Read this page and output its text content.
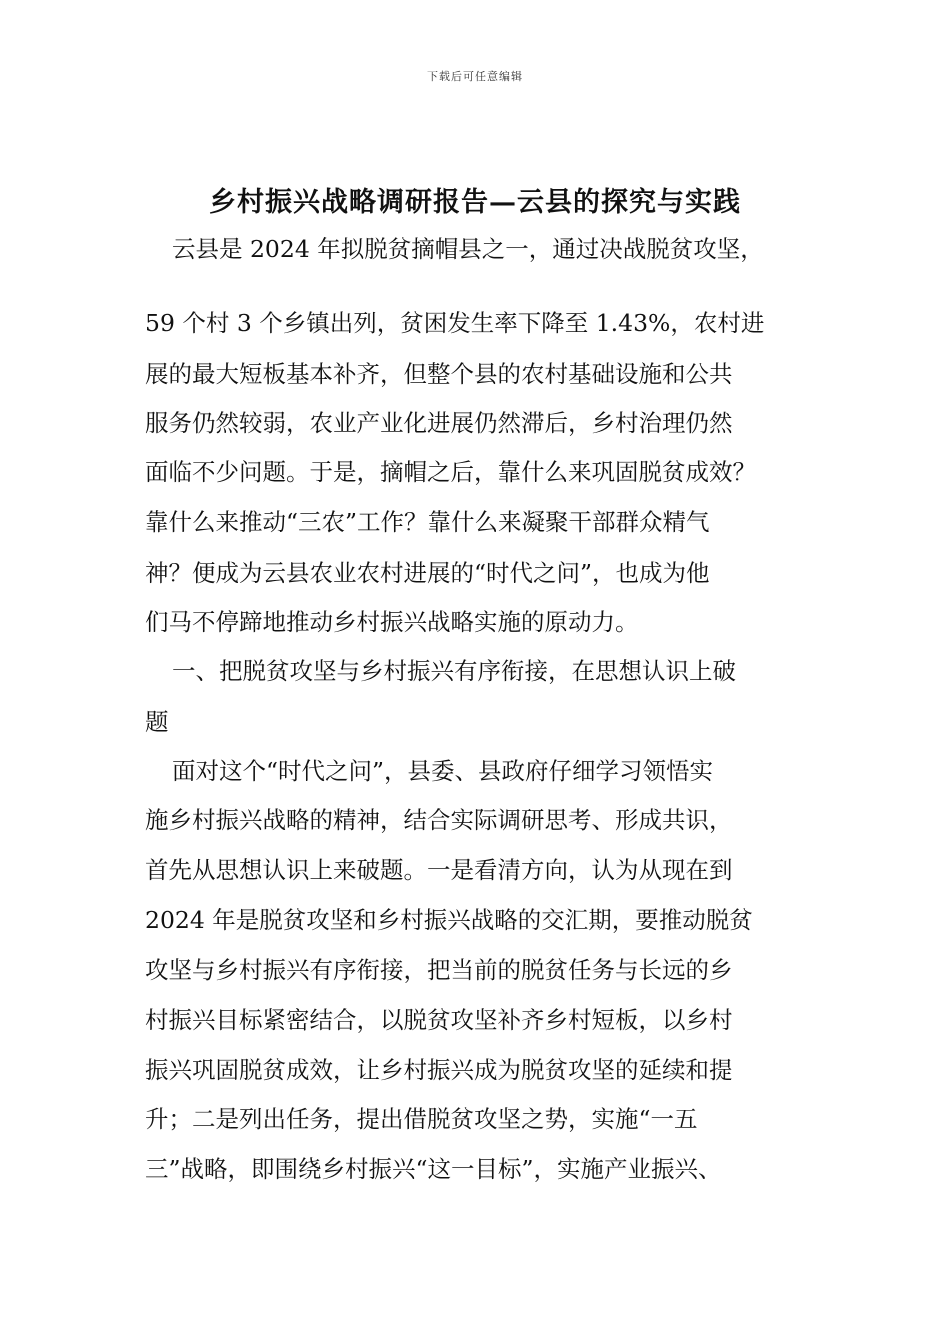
下载后可任意编辑
乡村振兴战略调研报告—云县的探究与实践
云县是 2024 年拟脱贫摘帽县之一，通过决战脱贫攻坚，
59 个村 3 个乡镇出列，贫困发生率下降至 1.43%，农村进
展的最大短板基本补齐，但整个县的农村基础设施和公共
服务仍然较弱，农业产业化进展仍然滞后，乡村治理仍然
面临不少问题。于是，摘帽之后，靠什么来巩固脱贫成效？
靠什么来推动“三农”工作？靠什么来凝聚干部群众精气
神？便成为云县农业农村进展的“时代之问”，也成为他
们马不停蹄地推动乡村振兴战略实施的原动力。
一、把脱贫攻坚与乡村振兴有序衔接，在思想认识上破
题
面对这个“时代之问”，县委、县政府仔细学习领悟实
施乡村振兴战略的精神，结合实际调研思考、形成共识，
首先从思想认识上来破题。一是看清方向，认为从现在到
2024 年是脱贫攻坚和乡村振兴战略的交汇期，要推动脱贫
攻坚与乡村振兴有序衔接，把当前的脱贫任务与长远的乡
村振兴目标紧密结合，以脱贫攻坚补齐乡村短板，以乡村
振兴巩固脱贫成效，让乡村振兴成为脱贫攻坚的延续和提
升；二是列出任务，提出借脱贫攻坚之势，实施“一五
三”战略，即围绕乡村振兴“这一目标”，实施产业振兴、
